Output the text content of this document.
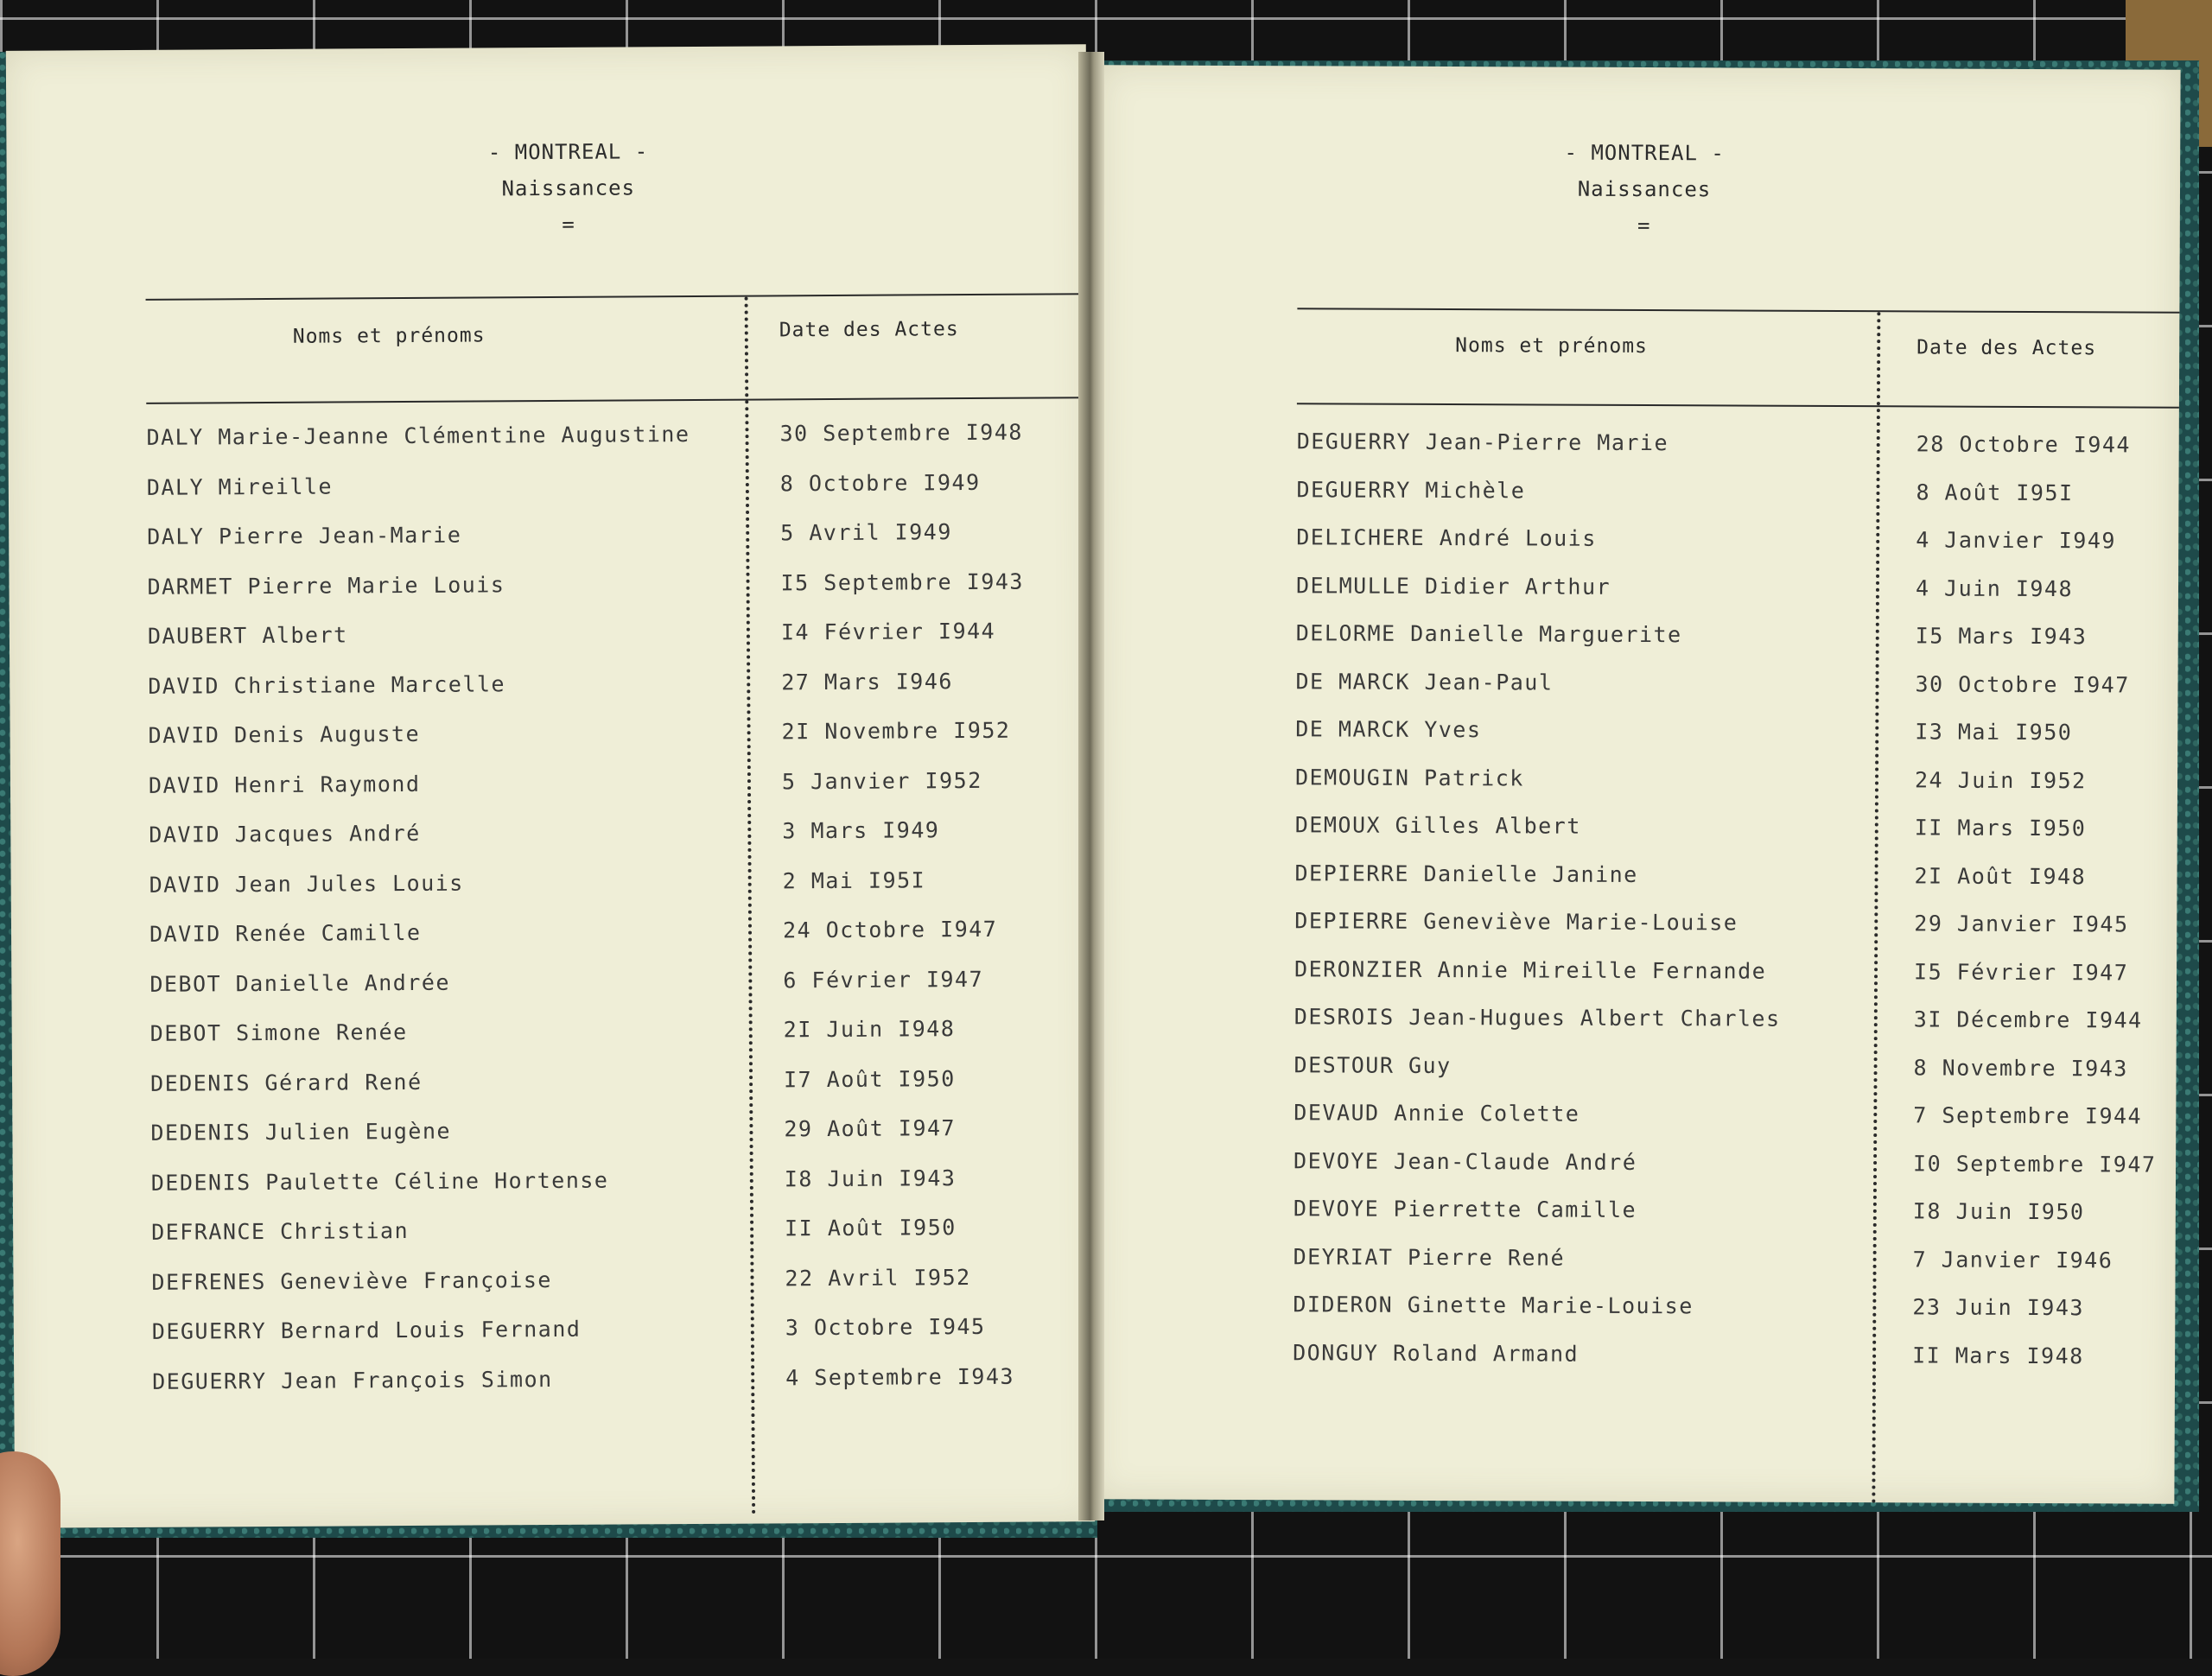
- MONTREAL -
Naissances
=
Noms et prénoms	Date des Actes
DALY Marie-Jeanne Clémentine Augustine	30 Septembre I948
DALY Mireille	8 Octobre I949
DALY Pierre Jean-Marie	5 Avril I949
DARMET Pierre Marie Louis	I5 Septembre I943
DAUBERT Albert	I4 Février I944
DAVID Christiane Marcelle	27 Mars I946
DAVID Denis Auguste	2I Novembre I952
DAVID Henri Raymond	5 Janvier I952
DAVID Jacques André	3 Mars I949
DAVID Jean Jules Louis	2 Mai I95I
DAVID Renée Camille	24 Octobre I947
DEBOT Danielle Andrée	6 Février I947
DEBOT Simone Renée	2I Juin I948
DEDENIS Gérard René	I7 Août I950
DEDENIS Julien Eugène	29 Août I947
DEDENIS Paulette Céline Hortense	I8 Juin I943
DEFRANCE Christian	II Août I950
DEFRENES Geneviève Françoise	22 Avril I952
DEGUERRY Bernard Louis Fernand	3 Octobre I945
DEGUERRY Jean François Simon	4 Septembre I943
- MONTREAL -
Naissances
=
Noms et prénoms	Date des Actes
DEGUERRY Jean-Pierre Marie	28 Octobre I944
DEGUERRY Michèle	8 Août I95I
DELICHERE André Louis	4 Janvier I949
DELMULLE Didier Arthur	4 Juin I948
DELORME Danielle Marguerite	I5 Mars I943
DE MARCK Jean-Paul	30 Octobre I947
DE MARCK Yves	I3 Mai I950
DEMOUGIN Patrick	24 Juin I952
DEMOUX Gilles Albert	II Mars I950
DEPIERRE Danielle Janine	2I Août I948
DEPIERRE Geneviève Marie-Louise	29 Janvier I945
DERONZIER Annie Mireille Fernande	I5 Février I947
DESROIS Jean-Hugues Albert Charles	3I Décembre I944
DESTOUR Guy	8 Novembre I943
DEVAUD Annie Colette	7 Septembre I944
DEVOYE Jean-Claude André	I0 Septembre I947
DEVOYE Pierrette Camille	I8 Juin I950
DEYRIAT Pierre René	7 Janvier I946
DIDERON Ginette Marie-Louise	23 Juin I943
DONGUY Roland Armand	II Mars I948
